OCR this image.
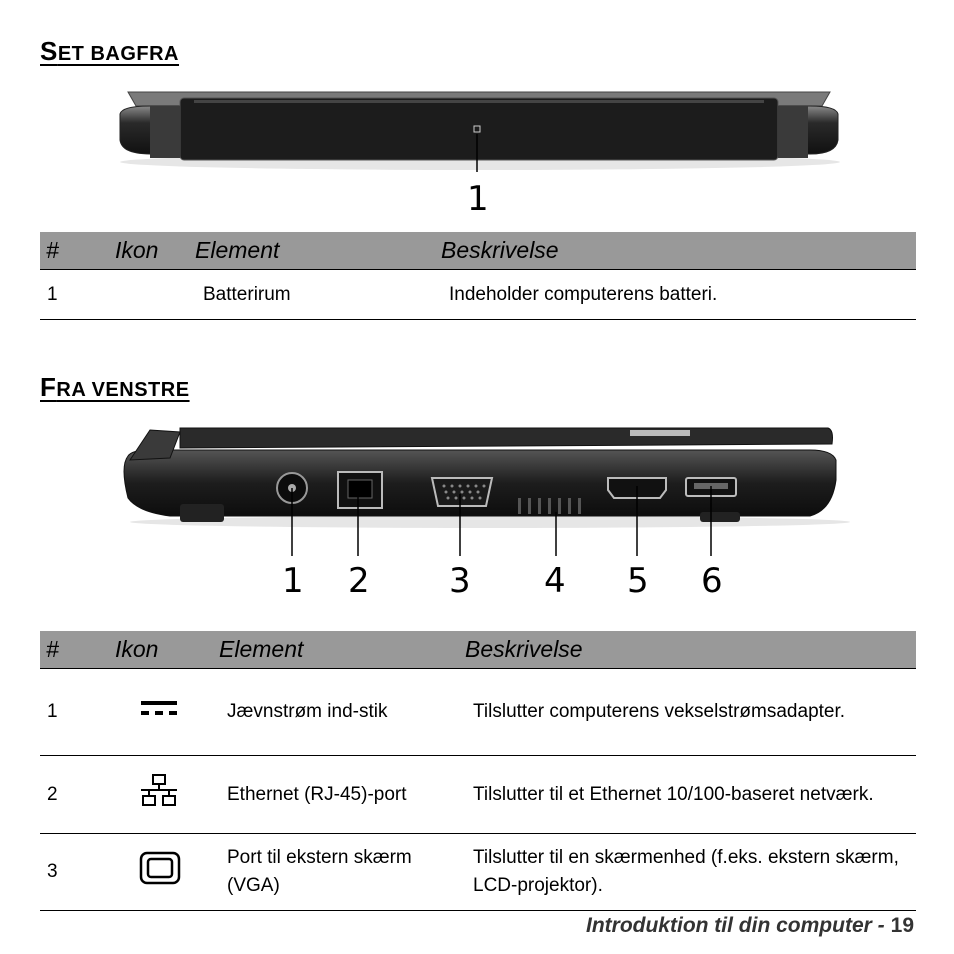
SET BAGFRA
1
#	Ikon	Element	Beskrivelse
1		Batterirum	Indeholder computerens batteri.
FRA VENSTRE
1 2 3 4 5 6
#	Ikon	Element	Beskrivelse
1		Jævnstrøm ind-stik	Tilslutter computerens vekselstrømsadapter.
2		Ethernet (RJ-45)-port	Tilslutter til et Ethernet 10/100-baseret netværk.
3		Port til ekstern skærm (VGA)	Tilslutter til en skærmenhed (f.eks. ekstern skærm, LCD-projektor).
Introduktion til din computer - 19
